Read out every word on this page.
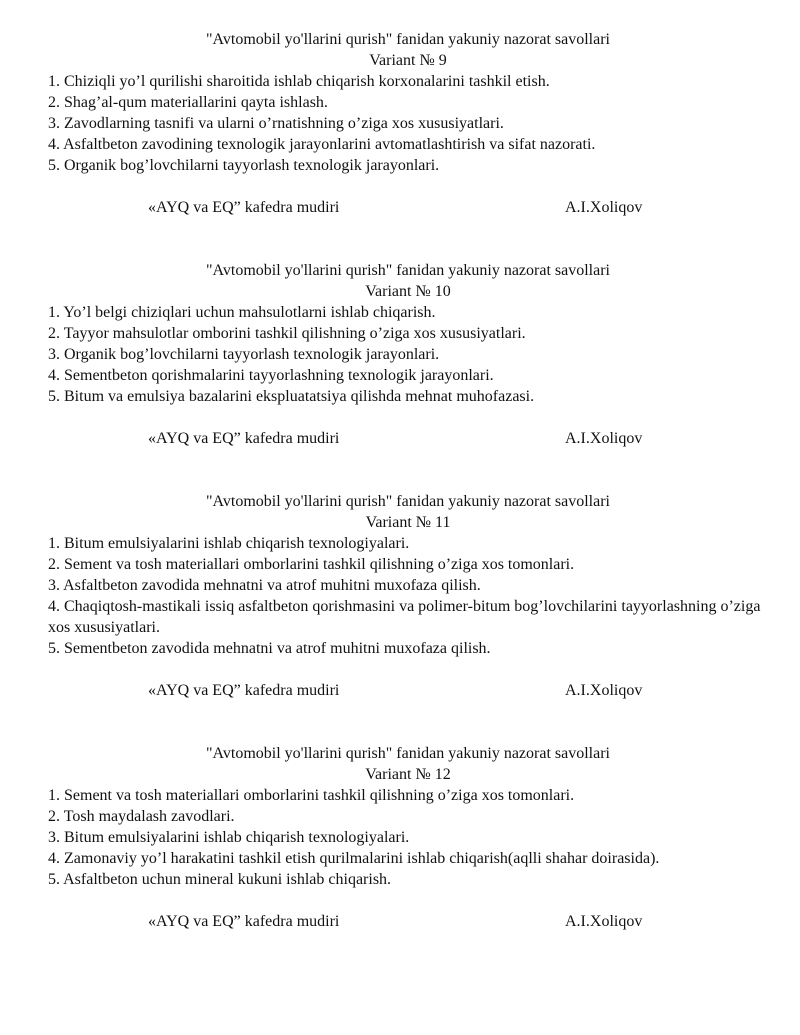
"Avtomobil yo'llarini qurish" fanidan yakuniy nazorat savollari
Variant № 9
1. Chiziqli yo’l qurilishi sharoitida ishlab chiqarish korxonalarini tashkil etish.
2. Shag’al-qum materiallarini qayta ishlash.
3. Zavodlarning tasnifi va ularni o’rnatishning o’ziga xos xususiyatlari.
4. Asfaltbeton zavodining texnologik jarayonlarini avtomatlashtirish va sifat nazorati.
5. Organik bog’lovchilarni tayyorlash texnologik jarayonlari.
«AYQ va EQ” kafedra mudiri	A.I.Xoliqov
"Avtomobil yo'llarini qurish" fanidan yakuniy nazorat savollari
Variant № 10
1. Yo’l belgi chiziqlari uchun mahsulotlarni ishlab chiqarish.
2. Tayyor mahsulotlar omborini tashkil qilishning o’ziga xos xususiyatlari.
3. Organik bog’lovchilarni tayyorlash texnologik jarayonlari.
4. Sementbeton qorishmalarini tayyorlashning texnologik jarayonlari.
5. Bitum va emulsiya bazalarini ekspluatatsiya qilishda mehnat muhofazasi.
«AYQ va EQ” kafedra mudiri	A.I.Xoliqov
"Avtomobil yo'llarini qurish" fanidan yakuniy nazorat savollari
Variant № 11
1. Bitum emulsiyalarini ishlab chiqarish texnologiyalari.
2. Sement va tosh materiallari omborlarini tashkil qilishning o’ziga xos tomonlari.
3. Asfaltbeton zavodida mehnatni va atrof muhitni muxofaza qilish.
4. Chaqiqtosh-mastikali issiq asfaltbeton qorishmasini va polimer-bitum bog’lovchilarini tayyorlashning o’ziga xos xususiyatlari.
5. Sementbeton zavodida mehnatni va atrof muhitni muxofaza qilish.
«AYQ va EQ” kafedra mudiri	A.I.Xoliqov
"Avtomobil yo'llarini qurish" fanidan yakuniy nazorat savollari
Variant № 12
1. Sement va tosh materiallari omborlarini tashkil qilishning o’ziga xos tomonlari.
2. Tosh maydalash zavodlari.
3. Bitum emulsiyalarini ishlab chiqarish texnologiyalari.
4. Zamonaviy yo’l harakatini tashkil etish qurilmalarini ishlab chiqarish(aqlli shahar doirasida).
5. Asfaltbeton uchun mineral kukuni ishlab chiqarish.
«AYQ va EQ” kafedra mudiri	A.I.Xoliqov
